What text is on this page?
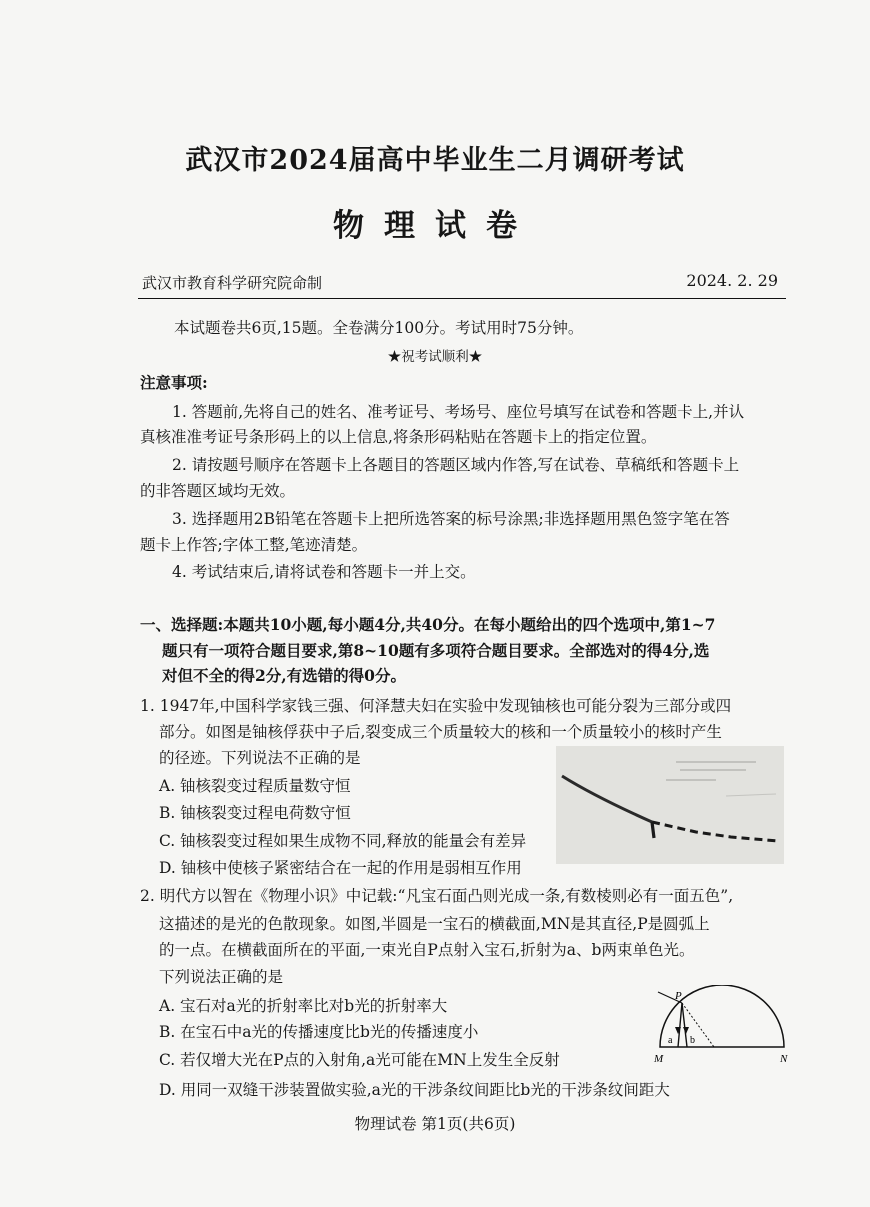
武汉市2024届高中毕业生二月调研考试
物理试卷
武汉市教育科学研究院命制	2024. 2. 29
本试题卷共6页,15题。全卷满分100分。考试用时75分钟。
★祝考试顺利★
注意事项:
1. 答题前,先将自己的姓名、准考证号、考场号、座位号填写在试卷和答题卡上,并认
真核准准考证号条形码上的以上信息,将条形码粘贴在答题卡上的指定位置。
2. 请按题号顺序在答题卡上各题目的答题区域内作答,写在试卷、草稿纸和答题卡上
的非答题区域均无效。
3. 选择题用2B铅笔在答题卡上把所选答案的标号涂黑;非选择题用黑色签字笔在答
题卡上作答;字体工整,笔迹清楚。
4. 考试结束后,请将试卷和答题卡一并上交。
一、选择题:本题共10小题,每小题4分,共40分。在每小题给出的四个选项中,第1~7
题只有一项符合题目要求,第8~10题有多项符合题目要求。全部选对的得4分,选
对但不全的得2分,有选错的得0分。
1. 1947年,中国科学家钱三强、何泽慧夫妇在实验中发现铀核也可能分裂为三部分或四
部分。如图是铀核俘获中子后,裂变成三个质量较大的核和一个质量较小的核时产生
的径迹。下列说法不正确的是
A. 铀核裂变过程质量数守恒
B. 铀核裂变过程电荷数守恒
C. 铀核裂变过程如果生成物不同,释放的能量会有差异
D. 铀核中使核子紧密结合在一起的作用是弱相互作用
2. 明代方以智在《物理小识》中记载:“凡宝石面凸则光成一条,有数棱则必有一面五色”,
这描述的是光的色散现象。如图,半圆是一宝石的横截面,MN是其直径,P是圆弧上
的一点。在横截面所在的平面,一束光自P点射入宝石,折射为a、b两束单色光。
下列说法正确的是
A. 宝石对a光的折射率比对b光的折射率大
B. 在宝石中a光的传播速度比b光的传播速度小
C. 若仅增大光在P点的入射角,a光可能在MN上发生全反射
D. 用同一双缝干涉装置做实验,a光的干涉条纹间距比b光的干涉条纹间距大
P
M	N
a b
物理试卷 第1页(共6页)
